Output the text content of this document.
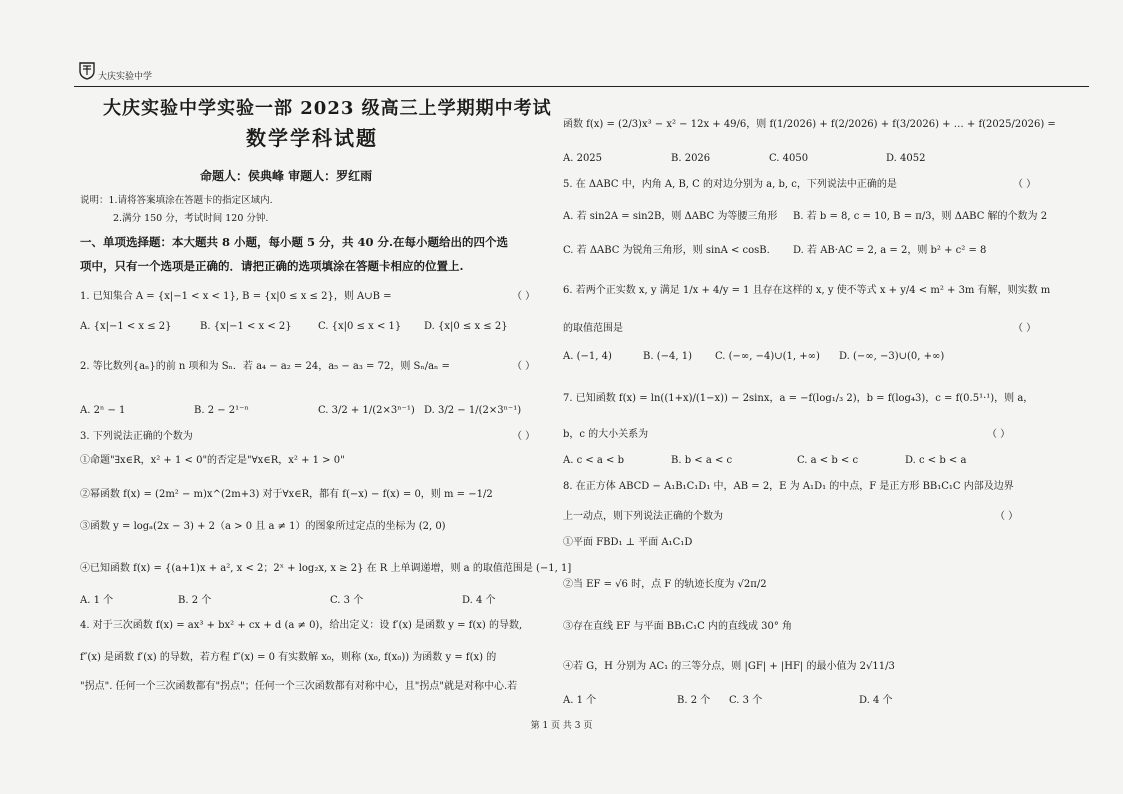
大庆实验中学
大庆实验中学实验一部 2023 级高三上学期期中考试
数学学科试题
命题人：侯典峰 审题人：罗红雨
说明：1.请将答案填涂在答题卡的指定区域内.
2.满分 150 分，考试时间 120 分钟.
一、单项选择题：本大题共 8 小题，每小题 5 分，共 40 分.在每小题给出的四个选
项中，只有一个选项是正确的．请把正确的选项填涂在答题卡相应的位置上.
1. 已知集合 A = {x|−1 < x < 1}, B = {x|0 ≤ x ≤ 2}，则 A∪B =	（ ）
A. {x|−1 < x ≤ 2}	B. {x|−1 < x < 2}	C. {x|0 ≤ x < 1} D. {x|0 ≤ x ≤ 2}
2. 等比数列{aₙ}的前 n 项和为 Sₙ．若 a₄ − a₂ = 24，a₅ − a₃ = 72，则 Sₙ/aₙ =	（ ）
A. 2ⁿ − 1	B. 2 − 2¹⁻ⁿ	C. 3/2 + 1/(2×3ⁿ⁻¹) D. 3/2 − 1/(2×3ⁿ⁻¹)
3. 下列说法正确的个数为	（ ）
①命题"∃x∈R，x² + 1 < 0"的否定是"∀x∈R，x² + 1 > 0"
②幂函数 f(x) = (2m² − m)x^(2m+3) 对于∀x∈R，都有 f(−x) − f(x) = 0，则 m = −1/2
③函数 y = logₐ(2x − 3) + 2（a > 0 且 a ≠ 1）的图象所过定点的坐标为 (2, 0)
④已知函数 f(x) = {(a+1)x + a², x < 2；2ˣ + log₂x, x ≥ 2} 在 R 上单调递增，则 a 的取值范围是 (−1, 1]
A. 1 个	B. 2 个	C. 3 个	D. 4 个
4. 对于三次函数 f(x) = ax³ + bx² + cx + d (a ≠ 0)，给出定义：设 f′(x) 是函数 y = f(x) 的导数,
f″(x) 是函数 f′(x) 的导数，若方程 f″(x) = 0 有实数解 x₀，则称 (x₀, f(x₀)) 为函数 y = f(x) 的
"拐点". 任何一个三次函数都有"拐点"；任何一个三次函数都有对称中心，且"拐点"就是对称中心.若
函数 f(x) = (2/3)x³ − x² − 12x + 49/6，则 f(1/2026) + f(2/2026) + f(3/2026) + … + f(2025/2026) =
A. 2025	B. 2026	C. 4050	D. 4052
5. 在 ΔABC 中，内角 A, B, C 的对边分别为 a, b, c，下列说法中正确的是	（ ）
A. 若 sin2A = sin2B，则 ΔABC 为等腰三角形 B. 若 b = 8, c = 10, B = π/3，则 ΔABC 解的个数为 2
C. 若 ΔABC 为锐角三角形，则 sinA < cosB. D. 若 AB·AC = 2, a = 2，则 b² + c² = 8
6. 若两个正实数 x, y 满足 1/x + 4/y = 1 且存在这样的 x, y 使不等式 x + y/4 < m² + 3m 有解，则实数 m
的取值范围是	（ ）
A. (−1, 4)	B. (−4, 1) C. (−∞, −4)∪(1, +∞) D. (−∞, −3)∪(0, +∞)
7. 已知函数 f(x) = ln((1+x)/(1−x)) − 2sinx，a = −f(log₁/₃ 2)，b = f(log₄3)，c = f(0.5¹·¹)，则 a，
b，c 的大小关系为	（ ）
A. c < a < b	B. b < a < c	C. a < b < c	D. c < b < a
8. 在正方体 ABCD − A₁B₁C₁D₁ 中，AB = 2，E 为 A₁D₁ 的中点，F 是正方形 BB₁C₁C 内部及边界
上一动点，则下列说法正确的个数为	（ ）
①平面 FBD₁ ⊥ 平面 A₁C₁D
②当 EF = √6 时，点 F 的轨迹长度为 √2π/2
③存在直线 EF 与平面 BB₁C₁C 内的直线成 30° 角
④若 G，H 分别为 AC₁ 的三等分点，则 |GF| + |HF| 的最小值为 2√11/3
A. 1 个	B. 2 个 C. 3 个	D. 4 个
第 1 页 共 3 页
